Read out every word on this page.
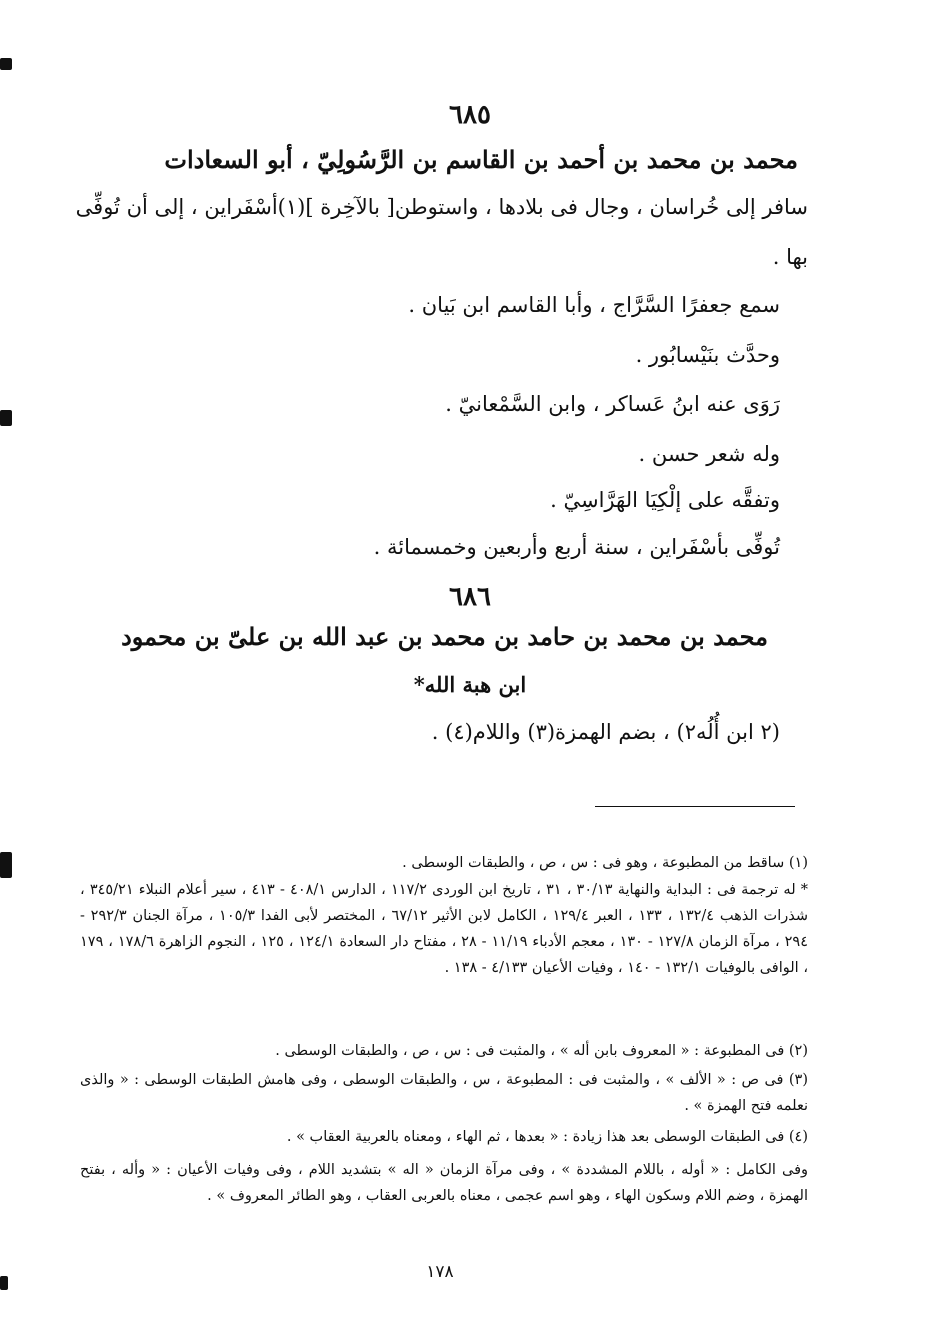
٦٨٥
محمد بن محمد بن أحمد بن القاسم بن الرَّسُولِيّ ، أبو السعادات
سافر إلى خُراسان ، وجال فى بلادها ، واستوطن[ بالآخِرة ](١)أسْفَراين ، إلى أن تُوفِّى
بها .
سمع جعفرًا السَّرَّاج ، وأبا القاسم ابن بَيان .
وحدَّث بنَيْسابُور .
رَوَى عنه ابنُ عَساكر ، وابن السَّمْعانيّ .
وله شعر حسن .
وتفقَّه على إلْكِيَا الهَرَّاسِيّ .
تُوفِّى بأسْفَراين ، سنة أربع وأربعين وخمسمائة .
٦٨٦
محمد بن محمد بن حامد بن محمد بن عبد الله بن علىّ بن محمود
ابن هبة الله*
(٢ ابن أُلُه٢) ، بضم الهمزة(٣) واللام(٤) .
(١) ساقط من المطبوعة ، وهو فى : س ، ص ، والطبقات الوسطى .
* له ترجمة فى : البداية والنهاية ٣٠/١٣ ، ٣١ ، تاريخ ابن الوردى ١١٧/٢ ، الدارس ٤٠٨/١ - ٤١٣ ، سير أعلام النبلاء ٣٤٥/٢١ ، شذرات الذهب ١٣٢/٤ ، ١٣٣ ، العبر ١٢٩/٤ ، الكامل لابن الأثير ٦٧/١٢ ، المختصر لأبى الفدا ١٠٥/٣ ، مرآة الجنان ٢٩٢/٣ - ٢٩٤ ، مرآة الزمان ١٢٧/٨ - ١٣٠ ، معجم الأدباء ١١/١٩ - ٢٨ ، مفتاح دار السعادة ١٢٤/١ ، ١٢٥ ، النجوم الزاهرة ١٧٨/٦ ، ١٧٩ ، الوافى بالوفيات ١٣٢/١ - ١٤٠ ، وفيات الأعيان ٤/١٣٣ - ١٣٨ .
(٢) فى المطبوعة : « المعروف بابن أله » ، والمثبت فى : س ، ص ، والطبقات الوسطى .
(٣) فى ص : « الألف » ، والمثبت فى : المطبوعة ، س ، والطبقات الوسطى ، وفى هامش الطبقات الوسطى : « والذى نعلمه فتح الهمزة » .
(٤) فى الطبقات الوسطى بعد هذا زيادة : « بعدها ، ثم الهاء ، ومعناه بالعربية العقاب » .
وفى الكامل : « أوله ، باللام المشددة » ، وفى مرآة الزمان « اله » بتشديد اللام ، وفى وفيات الأعيان : « وأله ، بفتح الهمزة ، وضم اللام وسكون الهاء ، وهو اسم عجمى ، معناه بالعربى العقاب ، وهو الطائر المعروف » .
١٧٨
